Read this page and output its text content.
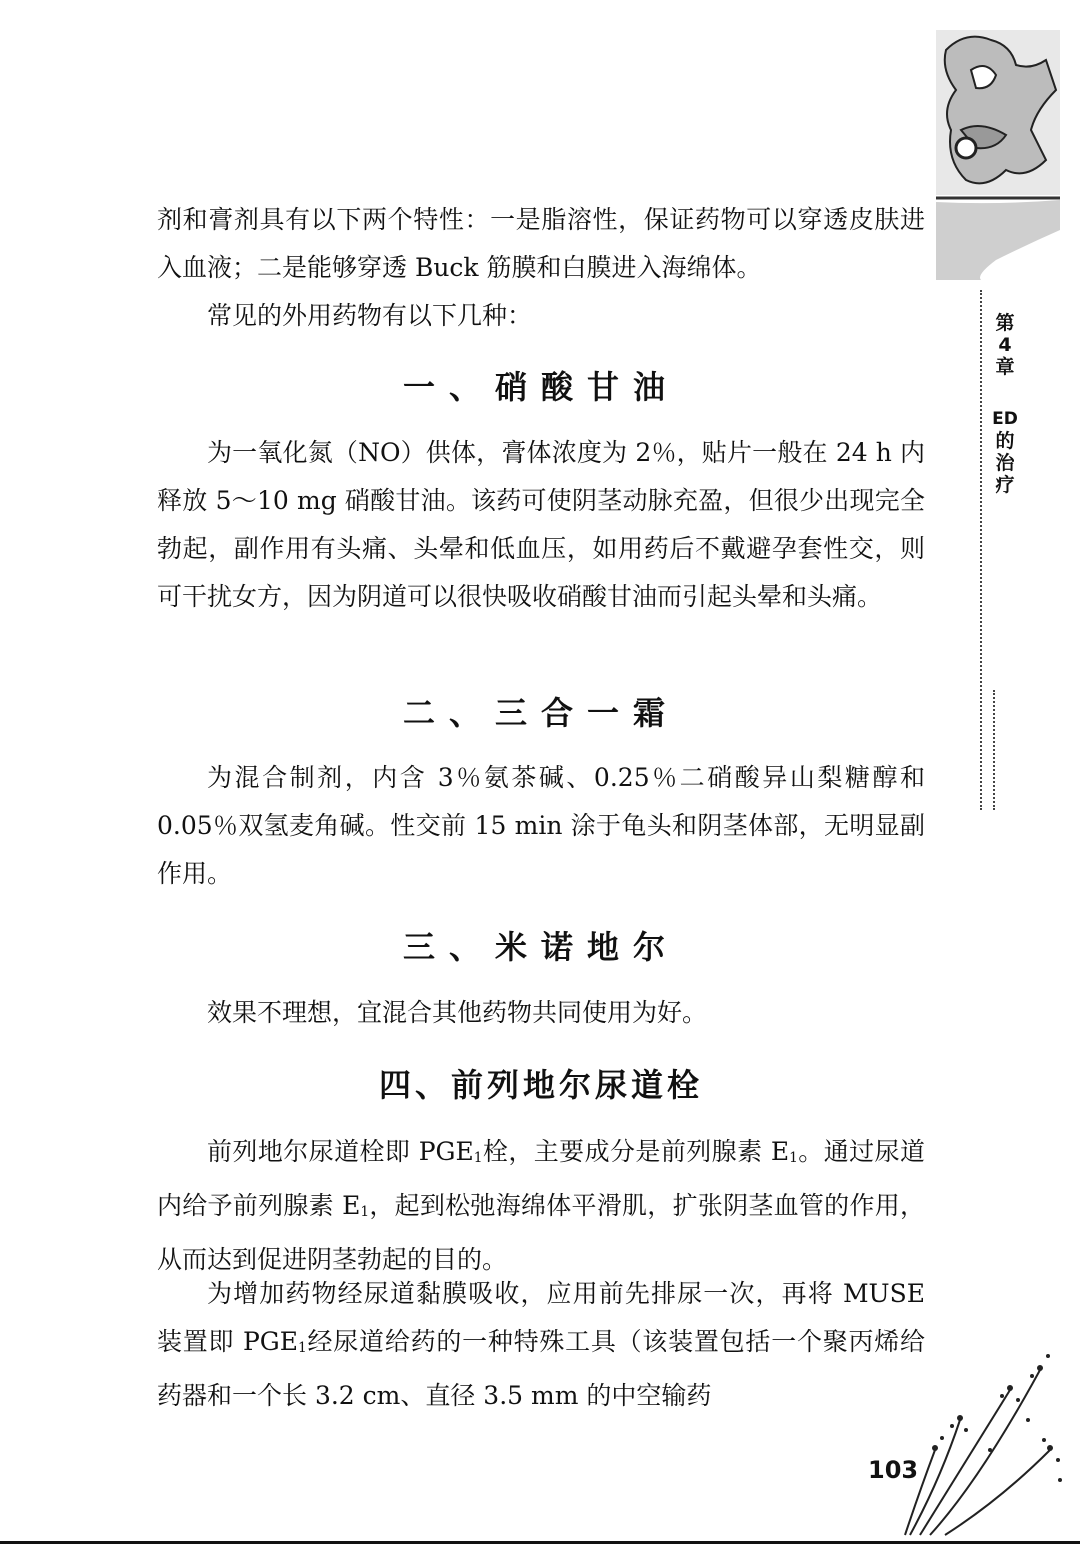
第
4
章
ED
的
治
疗

剂和膏剂具有以下两个特性：一是脂溶性，保证药物可以穿透皮肤进入血液；二是能够穿透 Buck 筋膜和白膜进入海绵体。

常见的外用药物有以下几种：

一、硝酸甘油

为一氧化氮（NO）供体，膏体浓度为 2％，贴片一般在 24 h 内释放 5～10 mg 硝酸甘油。该药可使阴茎动脉充盈，但很少出现完全勃起，副作用有头痛、头晕和低血压，如用药后不戴避孕套性交，则可干扰女方，因为阴道可以很快吸收硝酸甘油而引起头晕和头痛。

二、三合一霜

为混合制剂，内含 3％氨茶碱、0.25％二硝酸异山梨糖醇和 0.05％双氢麦角碱。性交前 15 min 涂于龟头和阴茎体部，无明显副作用。

三、米诺地尔

效果不理想，宜混合其他药物共同使用为好。

四、前列地尔尿道栓

前列地尔尿道栓即 $PGE_1$栓，主要成分是前列腺素 $E_1$。通过尿道内给予前列腺素 $E_1$，起到松弛海绵体平滑肌，扩张阴茎血管的作用，从而达到促进阴茎勃起的目的。

为增加药物经尿道黏膜吸收，应用前先排尿一次，再将 MUSE 装置即 $PGE_1$经尿道给药的一种特殊工具（该装置包括一个聚丙烯给药器和一个长 3.2 cm、直径 3.5 mm 的中空输药

103
